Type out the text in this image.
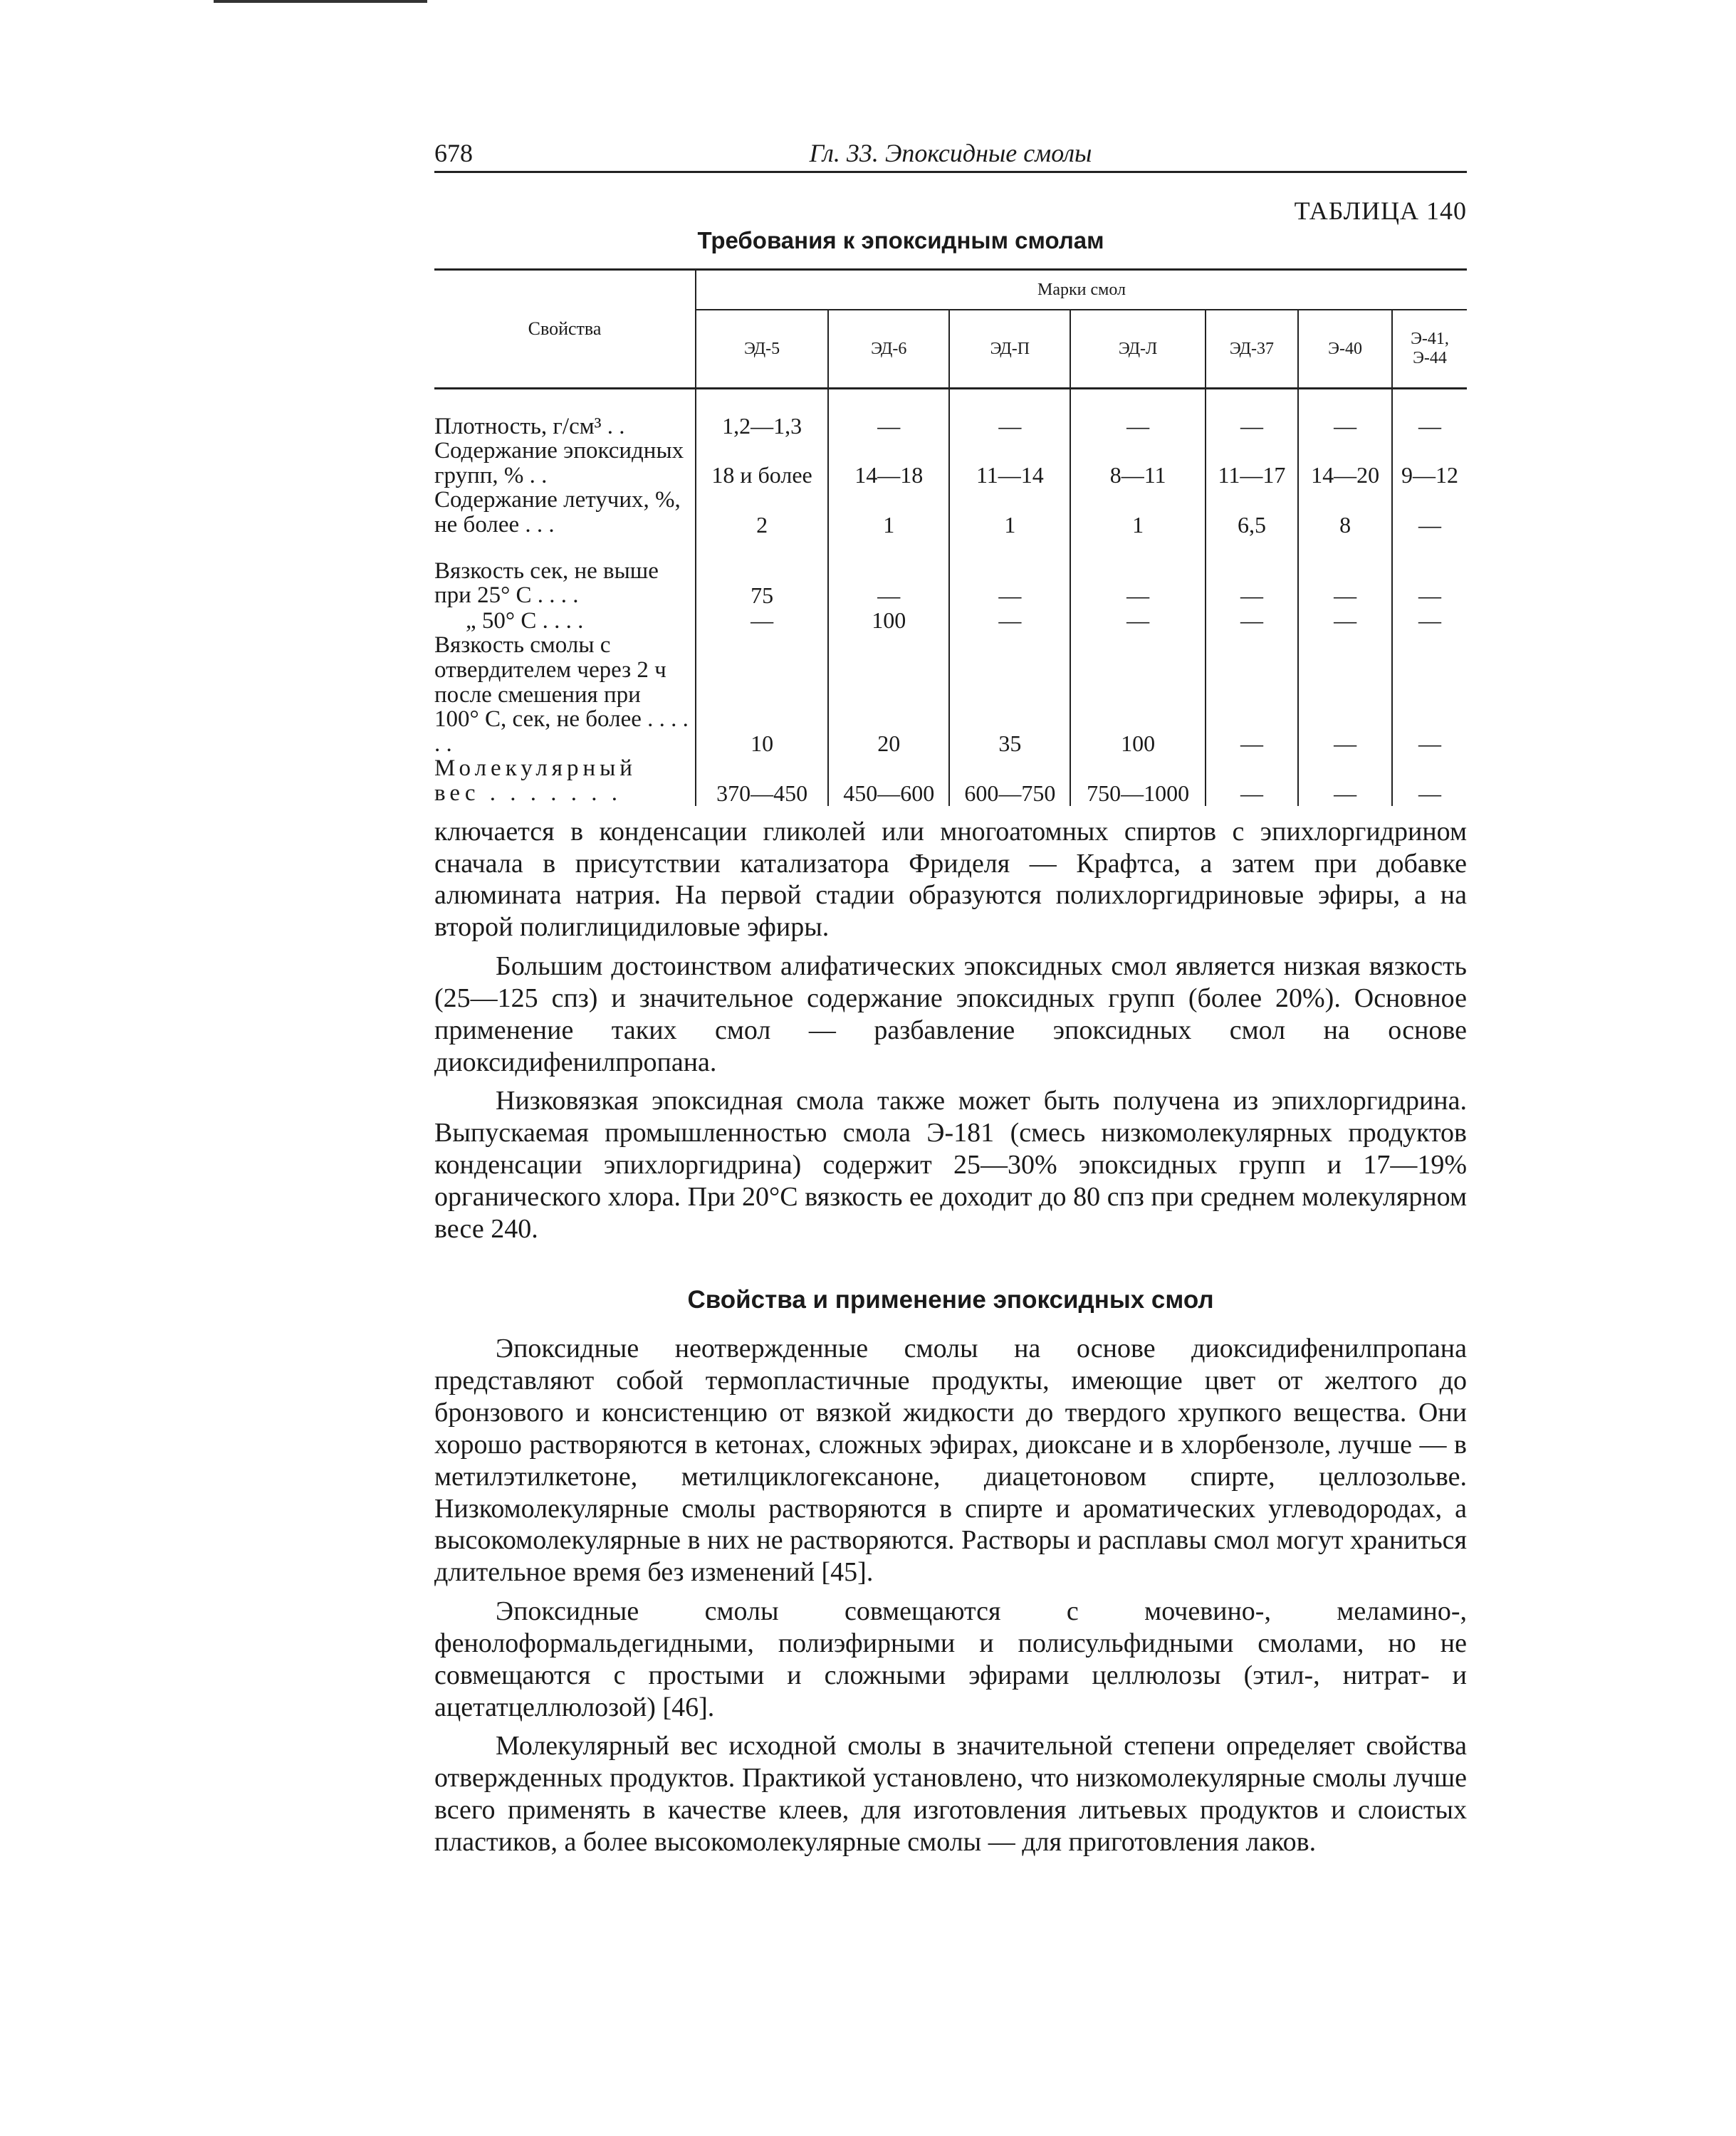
678	Гл. 33. Эпоксидные смолы
ТАБЛИЦА 140
Требования к эпоксидным смолам
Свойства	Марки смол						
	ЭД-5	ЭД-6	ЭД-П	ЭД-Л	ЭД-37	Э-40	Э-41, Э-44
Плотность, г/см³ . .	1,2—1,3	—	—	—	—	—	—
Содержание эпоксидных групп, % . .	18 и более	14—18	11—14	8—11	11—17	14—20	9—12
Содержание летучих, %, не более . . .	2	1	1	1	6,5	8	—
Вязкость сек, не выше при 25° С . . . .	75	—	—	—	—	—	—
„ 50° С . . . .	—	100	—	—	—	—	—
Вязкость смолы с отвердителем через 2 ч после смешения при 100° С, сек, не более . . . . . .	10	20	35	100	—	—	—
Молекулярный вес . . . . . . .	370—450	450—600	600—750	750—1000	—	—	—

ключается в конденсации гликолей или многоатомных спиртов с эпихлоргидрином сначала в присутствии катализатора Фриделя — Крафтса, а затем при добавке алюмината натрия. На первой стадии образуются полихлоргидриновые эфиры, а на второй полиглицидиловые эфиры.

Большим достоинством алифатических эпоксидных смол является низкая вязкость (25—125 спз) и значительное содержание эпоксидных групп (более 20%). Основное применение таких смол — разбавление эпоксидных смол на основе диоксидифенилпропана.

Низковязкая эпоксидная смола также может быть получена из эпихлоргидрина. Выпускаемая промышленностью смола Э-181 (смесь низкомолекулярных продуктов конденсации эпихлоргидрина) содержит 25—30% эпоксидных групп и 17—19% органического хлора. При 20°С вязкость ее доходит до 80 спз при среднем молекулярном весе 240.

Свойства и применение эпоксидных смол

Эпоксидные неотвержденные смолы на основе диоксидифенилпропана представляют собой термопластичные продукты, имеющие цвет от желтого до бронзового и консистенцию от вязкой жидкости до твердого хрупкого вещества. Они хорошо растворяются в кетонах, сложных эфирах, диоксане и в хлорбензоле, лучше — в метилэтилкетоне, метилциклогексаноне, диацетоновом спирте, целлозольве. Низкомолекулярные смолы растворяются в спирте и ароматических углеводородах, а высокомолекулярные в них не растворяются. Растворы и расплавы смол могут храниться длительное время без изменений [45].

Эпоксидные смолы совмещаются с мочевино-, меламино-, фенолоформальдегидными, полиэфирными и полисульфидными смолами, но не совмещаются с простыми и сложными эфирами целлюлозы (этил-, нитрат- и ацетатцеллюлозой) [46].

Молекулярный вес исходной смолы в значительной степени определяет свойства отвержденных продуктов. Практикой установлено, что низкомолекулярные смолы лучше всего применять в качестве клеев, для изготовления литьевых продуктов и слоистых пластиков, а более высокомолекулярные смолы — для приготовления лаков.
